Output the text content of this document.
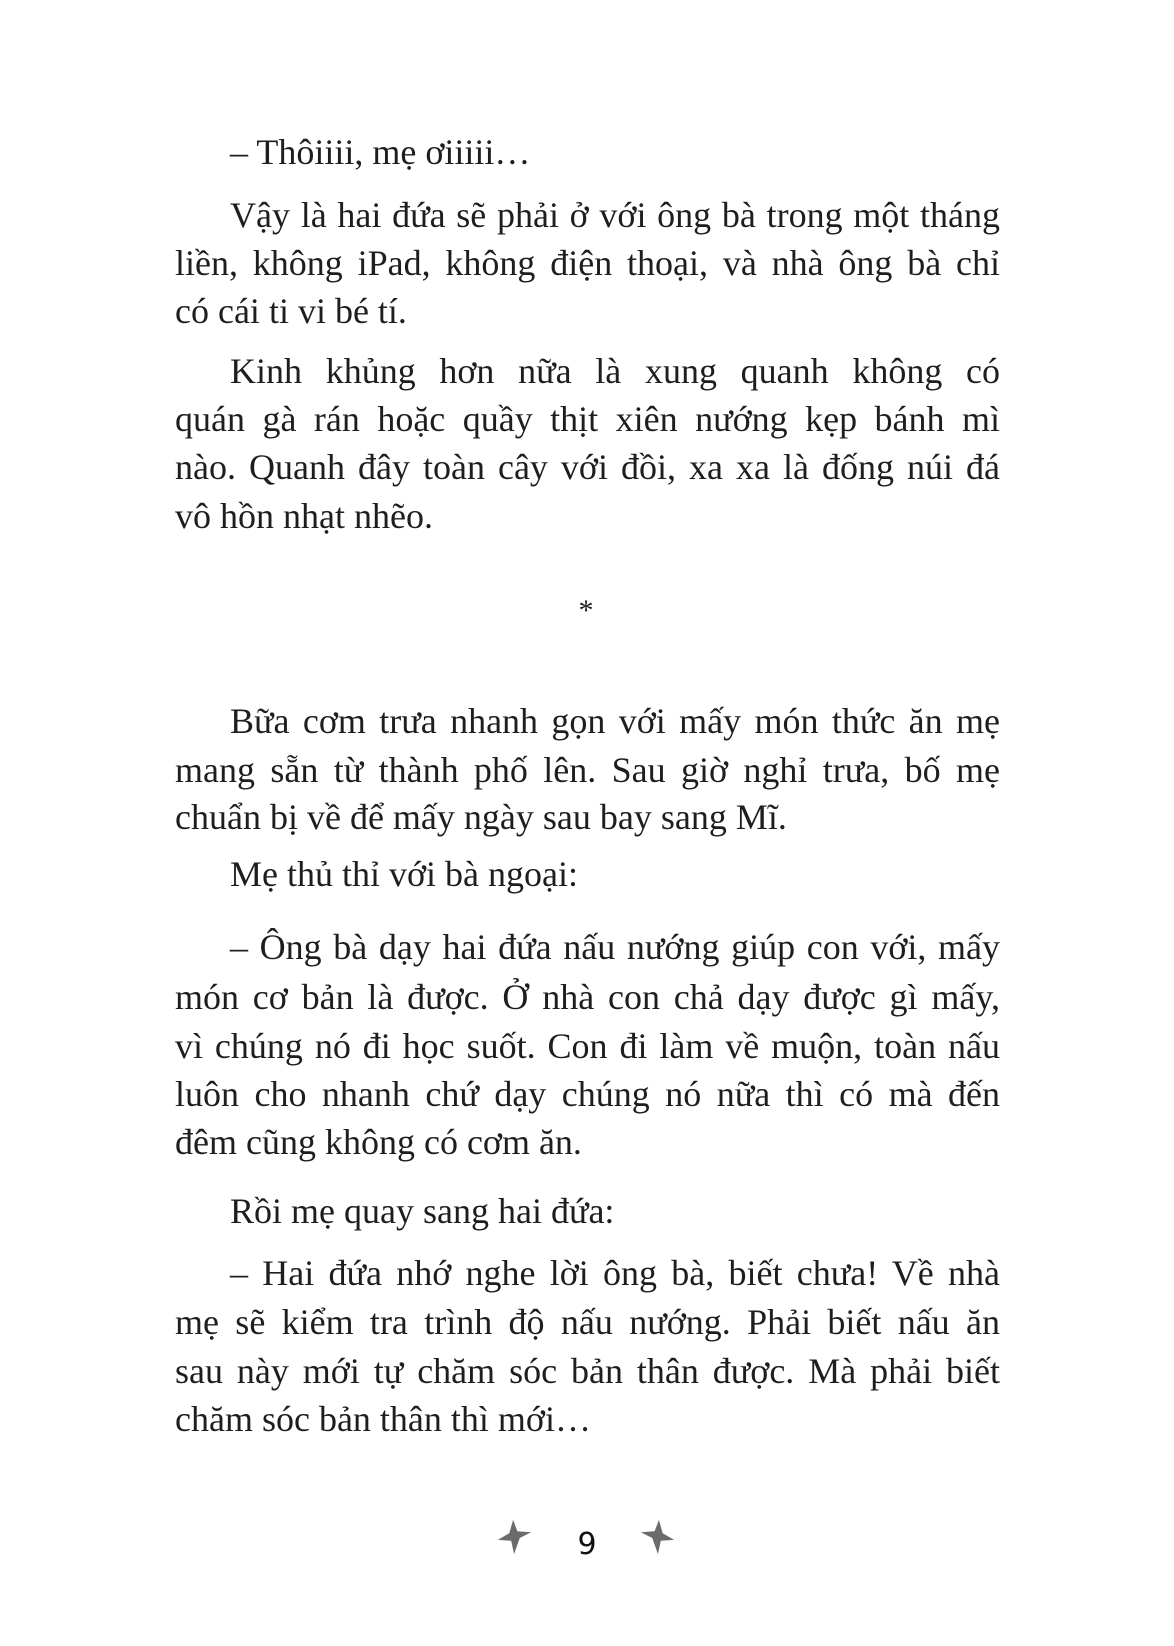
– Thôiiii, mẹ ơiiiii…
Vậy là hai đứa sẽ phải ở với ông bà trong một tháng
liền, không iPad, không điện thoại, và nhà ông bà chỉ
có cái ti vi bé tí.
Kinh khủng hơn nữa là xung quanh không có
quán gà rán hoặc quầy thịt xiên nướng kẹp bánh mì
nào. Quanh đây toàn cây với đồi, xa xa là đống núi đá
vô hồn nhạt nhẽo.
*
Bữa cơm trưa nhanh gọn với mấy món thức ăn mẹ
mang sẵn từ thành phố lên. Sau giờ nghỉ trưa, bố mẹ
chuẩn bị về để mấy ngày sau bay sang Mĩ.
Mẹ thủ thỉ với bà ngoại:
– Ông bà dạy hai đứa nấu nướng giúp con với, mấy
món cơ bản là được. Ở nhà con chả dạy được gì mấy,
vì chúng nó đi học suốt. Con đi làm về muộn, toàn nấu
luôn cho nhanh chứ dạy chúng nó nữa thì có mà đến
đêm cũng không có cơm ăn.
Rồi mẹ quay sang hai đứa:
– Hai đứa nhớ nghe lời ông bà, biết chưa! Về nhà
mẹ sẽ kiểm tra trình độ nấu nướng. Phải biết nấu ăn
sau này mới tự chăm sóc bản thân được. Mà phải biết
chăm sóc bản thân thì mới…
9
